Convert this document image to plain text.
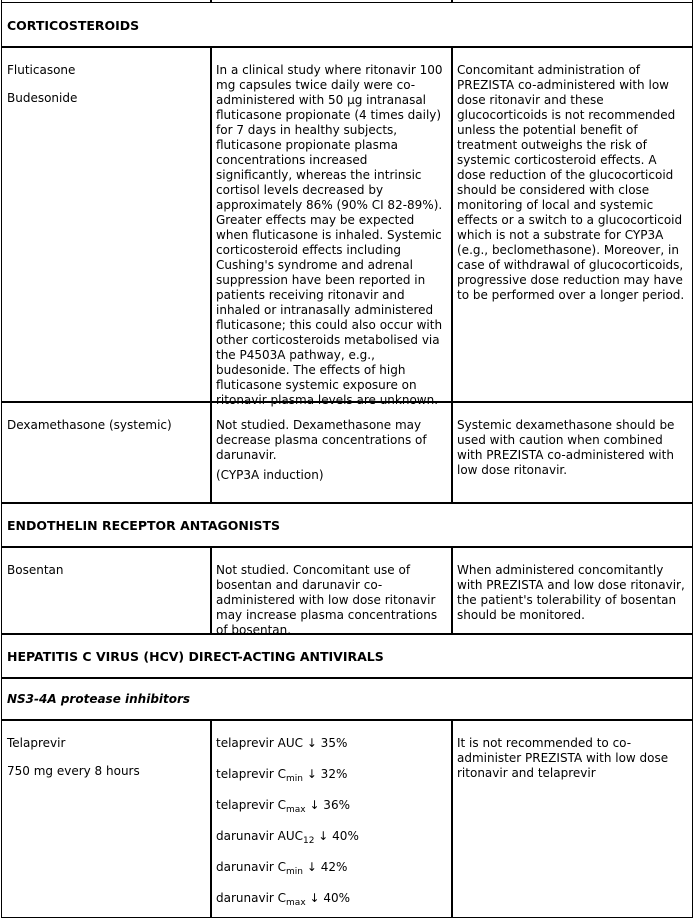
CORTICOSTEROIDS

Fluticasone

Budesonide

In a clinical study where ritonavir 100 mg capsules twice daily were co-administered with 50 µg intranasal fluticasone propionate (4 times daily) for 7 days in healthy subjects, fluticasone propionate plasma concentrations increased significantly, whereas the intrinsic cortisol levels decreased by approximately 86% (90% CI 82-89%). Greater effects may be expected when fluticasone is inhaled. Systemic corticosteroid effects including Cushing's syndrome and adrenal suppression have been reported in patients receiving ritonavir and inhaled or intranasally administered fluticasone; this could also occur with other corticosteroids metabolised via the P4503A pathway, e.g., budesonide. The effects of high fluticasone systemic exposure on ritonavir plasma levels are unknown.

Concomitant administration of PREZISTA co-administered with low dose ritonavir and these glucocorticoids is not recommended unless the potential benefit of treatment outweighs the risk of systemic corticosteroid effects. A dose reduction of the glucocorticoid should be considered with close monitoring of local and systemic effects or a switch to a glucocorticoid which is not a substrate for CYP3A (e.g., beclomethasone). Moreover, in case of withdrawal of glucocorticoids, progressive dose reduction may have to be performed over a longer period.

Dexamethasone (systemic)	Not studied. Dexamethasone may decrease plasma concentrations of darunavir.

(CYP3A induction)

Systemic dexamethasone should be used with caution when combined with PREZISTA co-administered with low dose ritonavir.

ENDOTHELIN RECEPTOR ANTAGONISTS

Bosentan	Not studied. Concomitant use of bosentan and darunavir co-administered with low dose ritonavir may increase plasma concentrations of bosentan.

When administered concomitantly with PREZISTA and low dose ritonavir, the patient's tolerability of bosentan should be monitored.

HEPATITIS C VIRUS (HCV) DIRECT-ACTING ANTIVIRALS
NS3-4A protease inhibitors

Telaprevir

750 mg every 8 hours

telaprevir AUC ↓ 35%

telaprevir $C_{min}$ ↓ 32%

telaprevir $C_{max}$ ↓ 36%

darunavir $AUC_{12}$ ↓ 40%

darunavir $C_{min}$ ↓ 42%

darunavir $C_{max}$ ↓ 40%

It is not recommended to co-administer PREZISTA with low dose ritonavir and telaprevir
